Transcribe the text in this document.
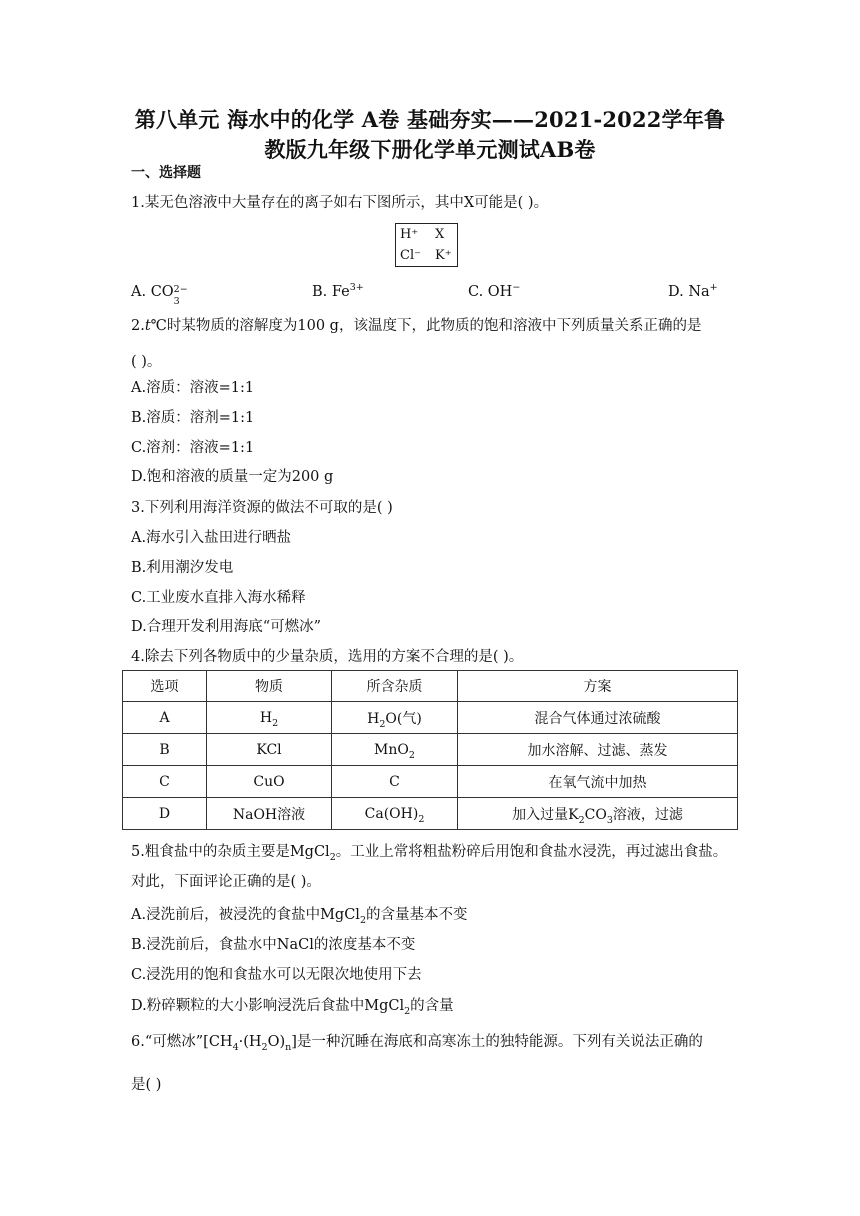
第八单元 海水中的化学 A卷 基础夯实——2021-2022学年鲁
教版九年级下册化学单元测试AB卷
一、选择题
1.某无色溶液中大量存在的离子如右下图所示，其中X可能是( )。
H⁺ X
Cl⁻ K⁺
A. CO 2−
3
B. $Fe^{3+}$	C. OH−	D. Na+
2.t℃时某物质的溶解度为100 g，该温度下，此物质的饱和溶液中下列质量关系正确的是
( )。
A.溶质：溶液=1:1
B.溶质：溶剂=1:1
C.溶剂：溶液=1:1
D.饱和溶液的质量一定为200 g
3.下列利用海洋资源的做法不可取的是( )
A.海水引入盐田进行晒盐
B.利用潮汐发电
C.工业废水直排入海水稀释
D.合理开发利用海底“可燃冰”
4.除去下列各物质中的少量杂质，选用的方案不合理的是( )。
选项	物质	所含杂质	方案
A	$H_2$	$H_2O$(气)	混合气体通过浓硫酸
B	KCl	MnO$_2$	加水溶解、过滤、蒸发
C	CuO	C	在氧气流中加热
D	NaOH溶液	$Ca(OH)_2$	加入过量$K_2CO_3$溶液，过滤
5.粗食盐中的杂质主要是MgCl$_2$。工业上常将粗盐粉碎后用饱和食盐水浸洗，再过滤出食盐。
对此，下面评论正确的是( )。
A.浸洗前后，被浸洗的食盐中MgCl$_2$的含量基本不变
B.浸洗前后，食盐水中NaCl的浓度基本不变
C.浸洗用的饱和食盐水可以无限次地使用下去
D.粉碎颗粒的大小影响浸洗后食盐中MgCl$_2$的含量
6.“可燃冰$”[CH_4\cdot(H_2O)_n]$是一种沉睡在海底和高寒冻土的独特能源。下列有关说法正确的
是( )
